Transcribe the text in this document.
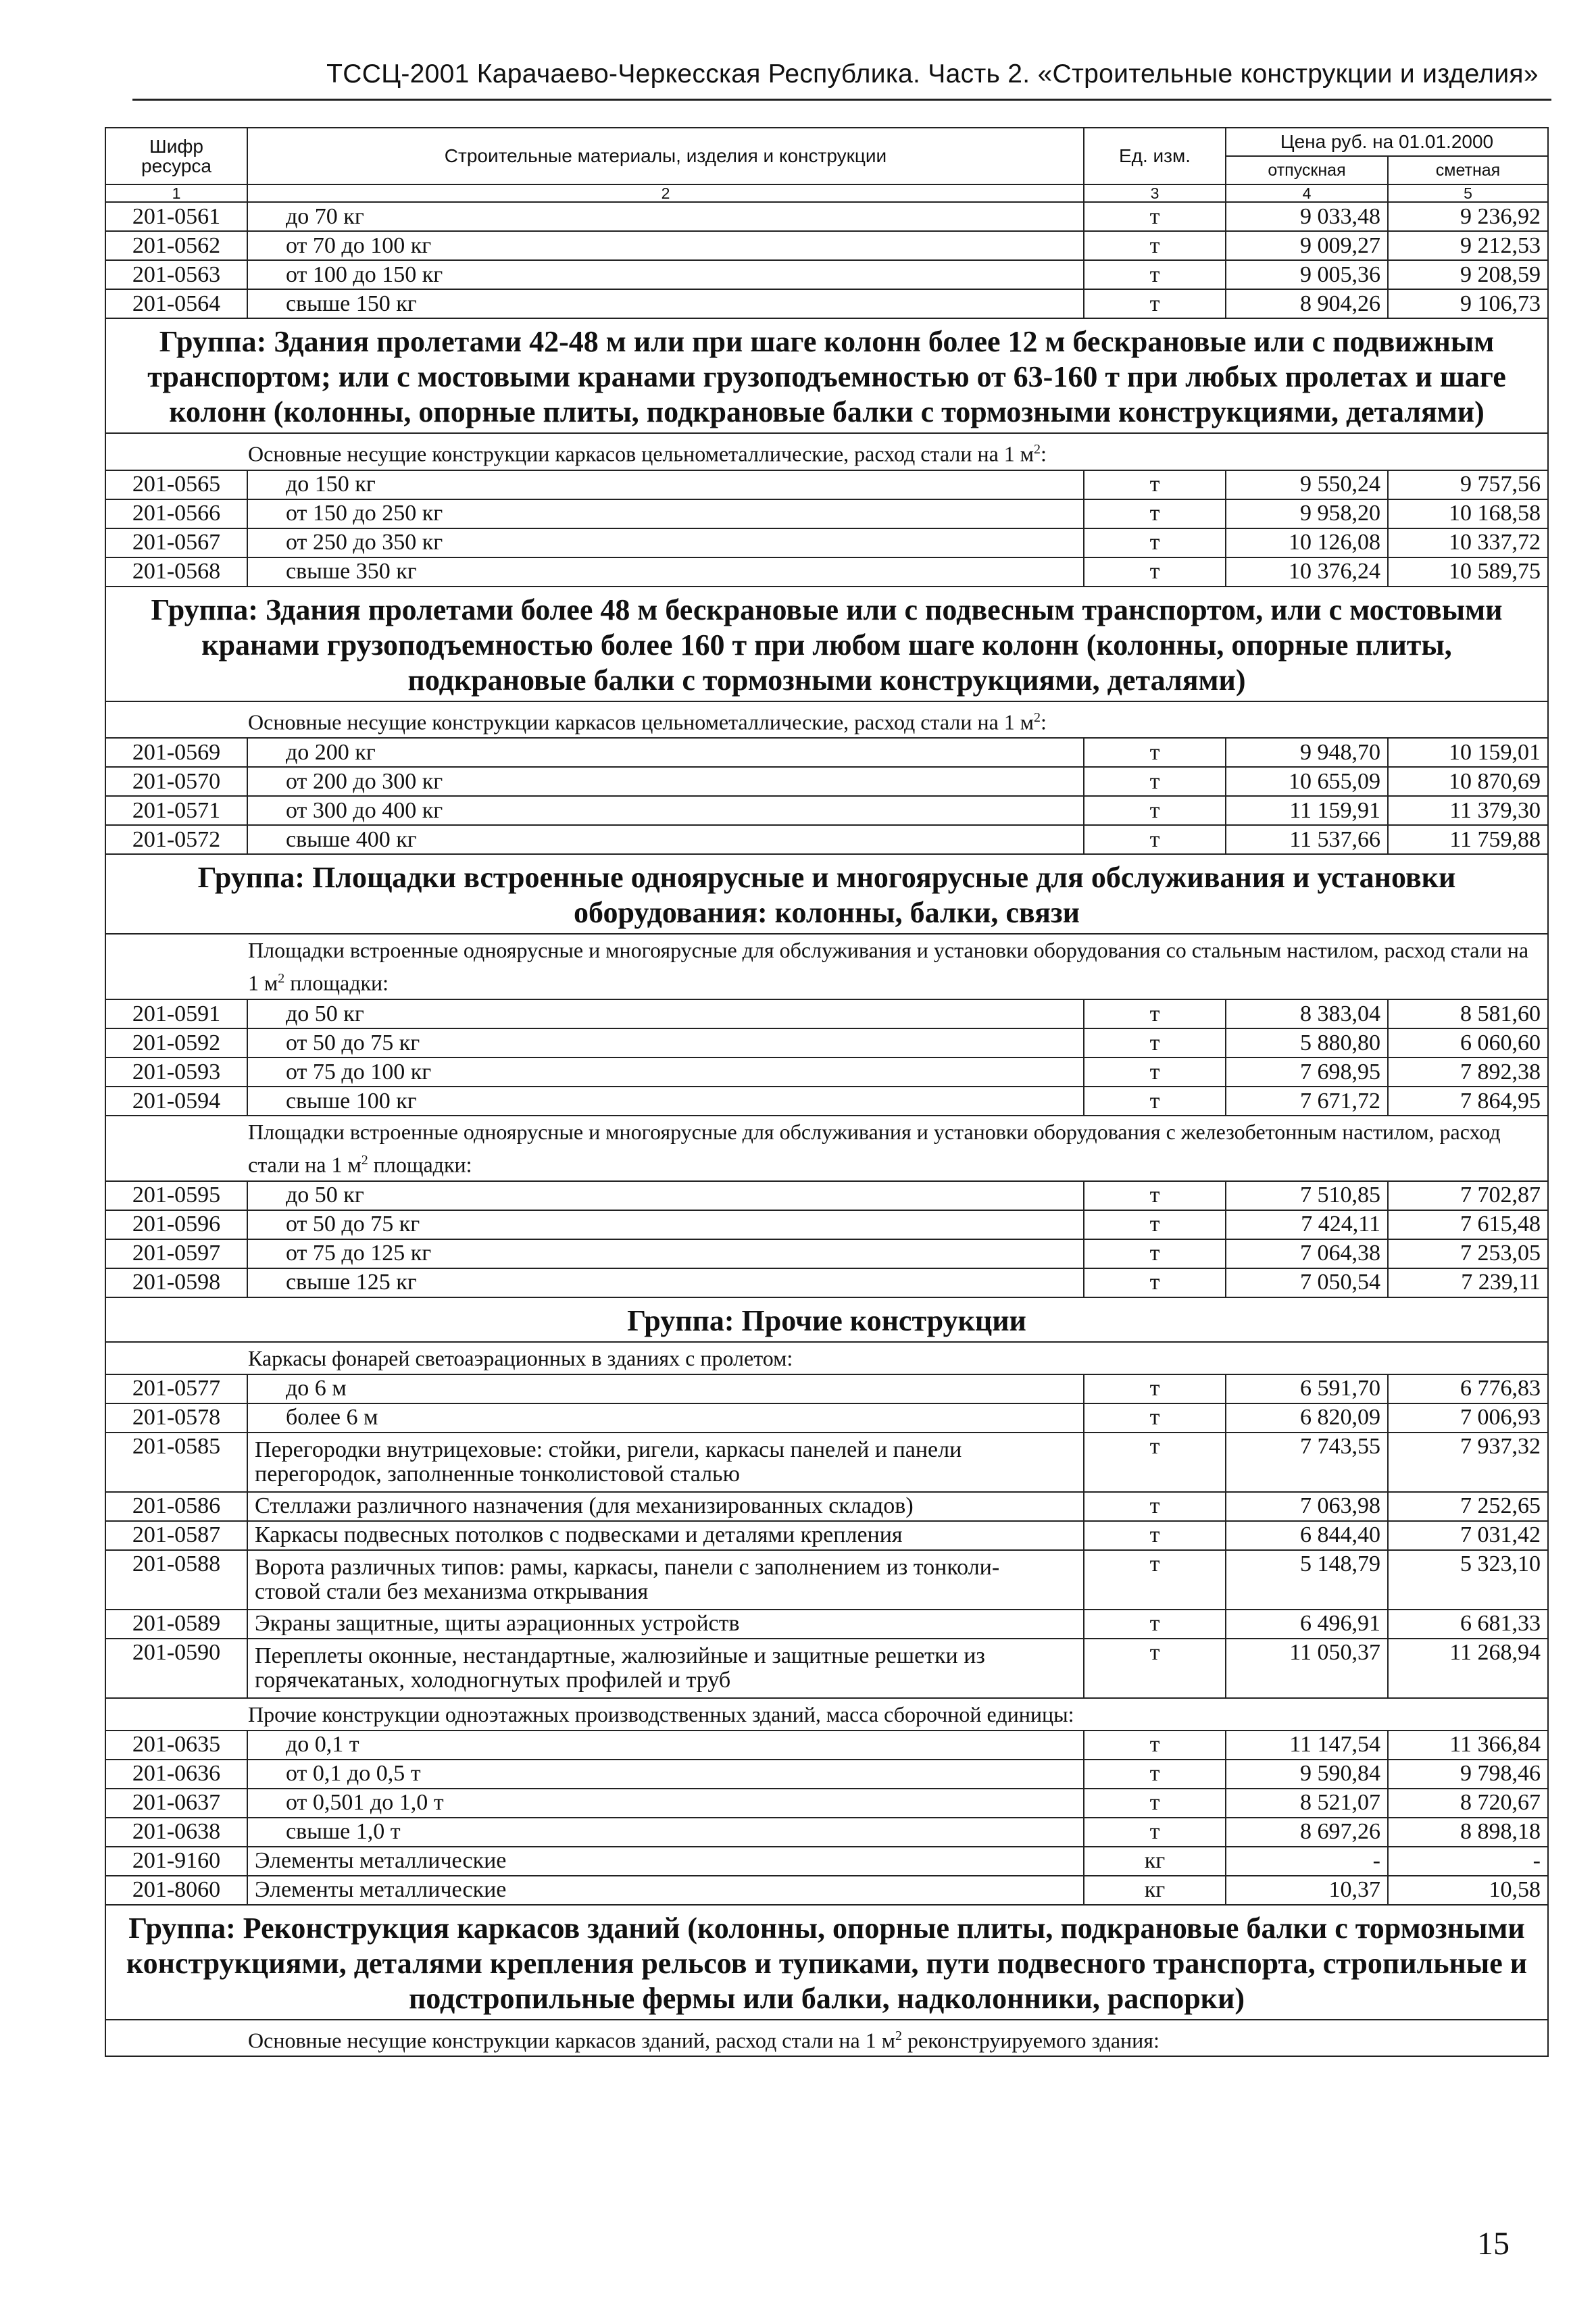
ТССЦ-2001 Карачаево-Черкесская Республика. Часть 2. «Строительные конструкции и изделия»
Шифр ресурса	Строительные материалы, изделия и конструкции	Ед. изм.	Цена руб. на 01.01.2000	
			отпускная	сметная
1	2	3	4	5
201-0561	до 70 кг	т	9 033,48	9 236,92
201-0562	от 70 до 100 кг	т	9 009,27	9 212,53
201-0563	от 100 до 150 кг	т	9 005,36	9 208,59
201-0564	свыше 150 кг	т	8 904,26	9 106,73
Группа: Здания пролетами 42-48 м или при шаге колонн более 12 м бескрановые или с подвижным транспортом; или с мостовыми кранами грузоподъемностью от 63-160 т при любых пролетах и шаге колонн (колонны, опорные плиты, подкрановые балки с тормозными конструкциями, деталями)				
Основные несущие конструкции каркасов цельнометаллические, расход стали на 1 $м^2$:				
201-0565	до 150 кг	т	9 550,24	9 757,56
201-0566	от 150 до 250 кг	т	9 958,20	10 168,58
201-0567	от 250 до 350 кг	т	10 126,08	10 337,72
201-0568	свыше 350 кг	т	10 376,24	10 589,75
Группа: Здания пролетами более 48 м бескрановые или с подвесным транспортом, или с мостовыми кранами грузоподъемностью более 160 т при любом шаге колонн (колонны, опорные плиты, подкрановые балки с тормозными конструкциями, деталями)				
Основные несущие конструкции каркасов цельнометаллические, расход стали на 1 $м^2$:				
201-0569	до 200 кг	т	9 948,70	10 159,01
201-0570	от 200 до 300 кг	т	10 655,09	10 870,69
201-0571	от 300 до 400 кг	т	11 159,91	11 379,30
201-0572	свыше 400 кг	т	11 537,66	11 759,88
Группа: Площадки встроенные одноярусные и многоярусные для обслуживания и установки оборудования: колонны, балки, связи				
Площадки встроенные одноярусные и многоярусные для обслуживания и установки оборудования со стальным настилом, расход стали на 1 $м^2$ площадки:				
201-0591	до 50 кг	т	8 383,04	8 581,60
201-0592	от 50 до 75 кг	т	5 880,80	6 060,60
201-0593	от 75 до 100 кг	т	7 698,95	7 892,38
201-0594	свыше 100 кг	т	7 671,72	7 864,95
Площадки встроенные одноярусные и многоярусные для обслуживания и установки оборудования с железобетонным настилом, расход стали на 1 $м^2$ площадки:				
201-0595	до 50 кг	т	7 510,85	7 702,87
201-0596	от 50 до 75 кг	т	7 424,11	7 615,48
201-0597	от 75 до 125 кг	т	7 064,38	7 253,05
201-0598	свыше 125 кг	т	7 050,54	7 239,11
Группа: Прочие конструкции				
Каркасы фонарей светоаэрационных в зданиях с пролетом:				
201-0577	до 6 м	т	6 591,70	6 776,83
201-0578	более 6 м	т	6 820,09	7 006,93
201-0585	Перегородки внутрицеховые: стойки, ригели, каркасы панелей и панели
перегородок, заполненные тонколистовой сталью	т	7 743,55	7 937,32
201-0586	Стеллажи различного назначения (для механизированных складов)	т	7 063,98	7 252,65
201-0587	Каркасы подвесных потолков с подвесками и деталями крепления	т	6 844,40	7 031,42
201-0588	Ворота различных типов: рамы, каркасы, панели с заполнением из тонколи-
стовой стали без механизма открывания	т	5 148,79	5 323,10
201-0589	Экраны защитные, щиты аэрационных устройств	т	6 496,91	6 681,33
201-0590	Переплеты оконные, нестандартные, жалюзийные и защитные решетки из
горячекатаных, холодногнутых профилей и труб	т	11 050,37	11 268,94
Прочие конструкции одноэтажных производственных зданий, масса сборочной единицы:				
201-0635	до 0,1 т	т	11 147,54	11 366,84
201-0636	от 0,1 до 0,5 т	т	9 590,84	9 798,46
201-0637	от 0,501 до 1,0 т	т	8 521,07	8 720,67
201-0638	свыше 1,0 т	т	8 697,26	8 898,18
201-9160	Элементы металлические	кг	-	-
201-8060	Элементы металлические	кг	10,37	10,58
Группа: Реконструкция каркасов зданий (колонны, опорные плиты, подкрановые балки с тормозными конструкциями, деталями крепления рельсов и тупиками, пути подвесного транспорта, стропильные и подстропильные фермы или балки, надколонники, распорки)				
Основные несущие конструкции каркасов зданий, расход стали на 1 $м^2$ реконструируемого здания:				
15
